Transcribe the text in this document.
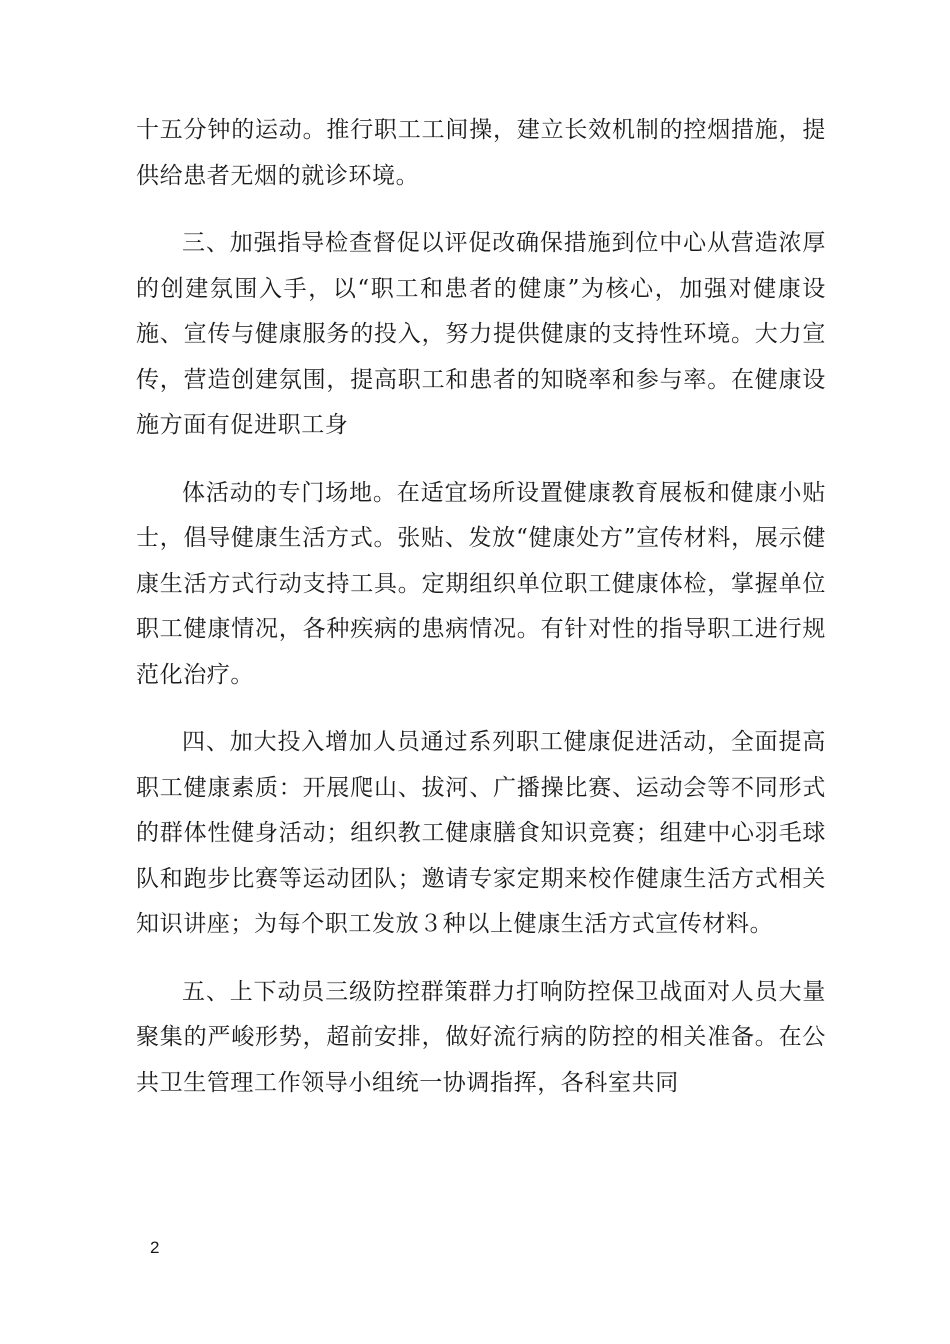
十五分钟的运动。推行职工工间操，建立长效机制的控烟措施，提供给患者无烟的就诊环境。

三、加强指导检查督促以评促改确保措施到位中心从营造浓厚的创建氛围入手，以“职工和患者的健康”为核心，加强对健康设施、宣传与健康服务的投入，努力提供健康的支持性环境。大力宣传，营造创建氛围，提高职工和患者的知晓率和参与率。在健康设施方面有促进职工身

体活动的专门场地。在适宜场所设置健康教育展板和健康小贴士，倡导健康生活方式。张贴、发放“健康处方”宣传材料，展示健康生活方式行动支持工具。定期组织单位职工健康体检，掌握单位职工健康情况，各种疾病的患病情况。有针对性的指导职工进行规范化治疗。

四、加大投入增加人员通过系列职工健康促进活动，全面提高职工健康素质：开展爬山、拔河、广播操比赛、运动会等不同形式的群体性健身活动；组织教工健康膳食知识竞赛；组建中心羽毛球队和跑步比赛等运动团队；邀请专家定期来校作健康生活方式相关知识讲座；为每个职工发放３种以上健康生活方式宣传材料。

五、上下动员三级防控群策群力打响防控保卫战面对人员大量聚集的严峻形势，超前安排，做好流行病的防控的相关准备。在公共卫生管理工作领导小组统一协调指挥，各科室共同

2
